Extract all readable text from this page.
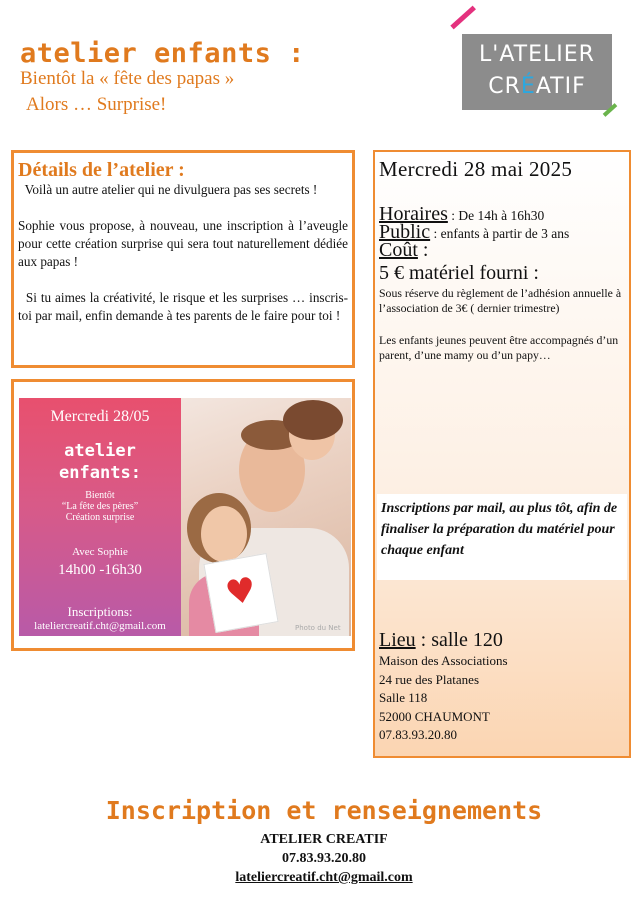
atelier enfants :
Bientôt la « fête des papas »
Alors … Surprise!
L'ATELIER
CRÉATIF
Détails de l’atelier :

Voilà un autre atelier qui ne divulguera pas ses secrets !

Sophie vous propose, à nouveau, une inscription à l’aveugle pour cette création surprise qui sera tout naturellement dédiée aux papas !

Si tu aimes la créativité, le risque et les surprises … inscris-toi par mail, enfin demande à tes parents de le faire pour toi !

♥
Mercredi 28/05
atelier
enfants:
Bientôt
“La fête des pères”
Création surprise
Avec Sophie
14h00 -16h30
Inscriptions:
lateliercreatif.cht@gmail.com	Photo du Net
Mercredi 28 mai 2025
Horaires : De 14h à 16h30
Public : enfants à partir de 3 ans
Coût :
5 € matériel fourni :
Sous réserve du règlement de l’adhésion annuelle à l’association de 3€ ( dernier trimestre)
Les enfants jeunes peuvent être accompagnés d’un parent, d’une mamy ou d’un papy…
Inscriptions par mail, au plus tôt, afin de finaliser la préparation du matériel pour chaque enfant
Lieu : salle 120
Maison des Associations
24 rue des Platanes
Salle 118
52000 CHAUMONT
07.83.93.20.80
Inscription et renseignements
ATELIER CREATIF
07.83.93.20.80
lateliercreatif.cht@gmail.com
